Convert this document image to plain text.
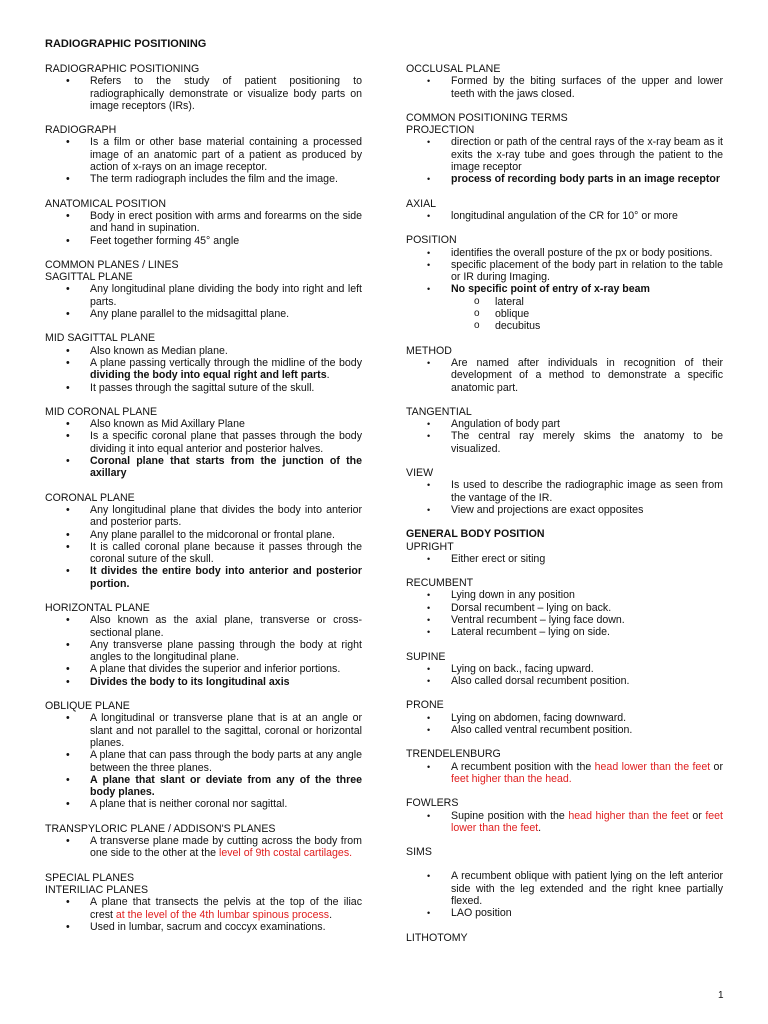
RADIOGRAPHIC POSITIONING
RADIOGRAPHIC POSITIONING
• Refers to the study of patient positioning to radiographically demonstrate or visualize body parts on image receptors (IRs).
RADIOGRAPH
• Is a film or other base material containing a processed image of an anatomic part of a patient as produced by action of x-rays on an image receptor.
• The term radiograph includes the film and the image.
ANATOMICAL POSITION
• Body in erect position with arms and forearms on the side and hand in supination.
• Feet together forming 45° angle
COMMON PLANES / LINES
SAGITTAL PLANE
• Any longitudinal plane dividing the body into right and left parts.
• Any plane parallel to the midsagittal plane.
MID SAGITTAL PLANE
• Also known as Median plane.
• A plane passing vertically through the midline of the body dividing the body into equal right and left parts.
• It passes through the sagittal suture of the skull.
MID CORONAL PLANE
• Also known as Mid Axillary Plane
• Is a specific coronal plane that passes through the body dividing it into equal anterior and posterior halves.
• Coronal plane that starts from the junction of the axillary
CORONAL PLANE
• Any longitudinal plane that divides the body into anterior and posterior parts.
• Any plane parallel to the midcoronal or frontal plane.
• It is called coronal plane because it passes through the coronal suture of the skull.
• It divides the entire body into anterior and posterior portion.
HORIZONTAL PLANE
• Also known as the axial plane, transverse or cross-sectional plane.
• Any transverse plane passing through the body at right angles to the longitudinal plane.
• A plane that divides the superior and inferior portions.
• Divides the body to its longitudinal axis
OBLIQUE PLANE
• A longitudinal or transverse plane that is at an angle or slant and not parallel to the sagittal, coronal or horizontal planes.
• A plane that can pass through the body parts at any angle between the three planes.
• A plane that slant or deviate from any of the three body planes.
• A plane that is neither coronal nor sagittal.
TRANSPYLORIC PLANE / ADDISON'S PLANES
• A transverse plane made by cutting across the body from one side to the other at the level of 9th costal cartilages.
SPECIAL PLANES
INTERILIAC PLANES
• A plane that transects the pelvis at the top of the iliac crest at the level of the 4th lumbar spinous process.
• Used in lumbar, sacrum and coccyx examinations.
OCCLUSAL PLANE
• Formed by the biting surfaces of the upper and lower teeth with the jaws closed.
COMMON POSITIONING TERMS
PROJECTION
• direction or path of the central rays of the x-ray beam as it exits the x-ray tube and goes through the patient to the image receptor
• process of recording body parts in an image receptor
AXIAL
• longitudinal angulation of the CR for 10° or more
POSITION
• identifies the overall posture of the px or body positions.
• specific placement of the body part in relation to the table or IR during Imaging.
• No specific point of entry of x-ray beam
o lateral
o oblique
o decubitus
METHOD
• Are named after individuals in recognition of their development of a method to demonstrate a specific anatomic part.
TANGENTIAL
• Angulation of body part
• The central ray merely skims the anatomy to be visualized.
VIEW
• Is used to describe the radiographic image as seen from the vantage of the IR.
• View and projections are exact opposites
GENERAL BODY POSITION
UPRIGHT
• Either erect or siting
RECUMBENT
• Lying down in any position
• Dorsal recumbent – lying on back.
• Ventral recumbent – lying face down.
• Lateral recumbent – lying on side.
SUPINE
• Lying on back., facing upward.
• Also called dorsal recumbent position.
PRONE
• Lying on abdomen, facing downward.
• Also called ventral recumbent position.
TRENDELENBURG
• A recumbent position with the head lower than the feet or feet higher than the head.
FOWLERS
• Supine position with the head higher than the feet or feet lower than the feet.
SIMS
• A recumbent oblique with patient lying on the left anterior side with the leg extended and the right knee partially flexed.
• LAO position
LITHOTOMY
1
